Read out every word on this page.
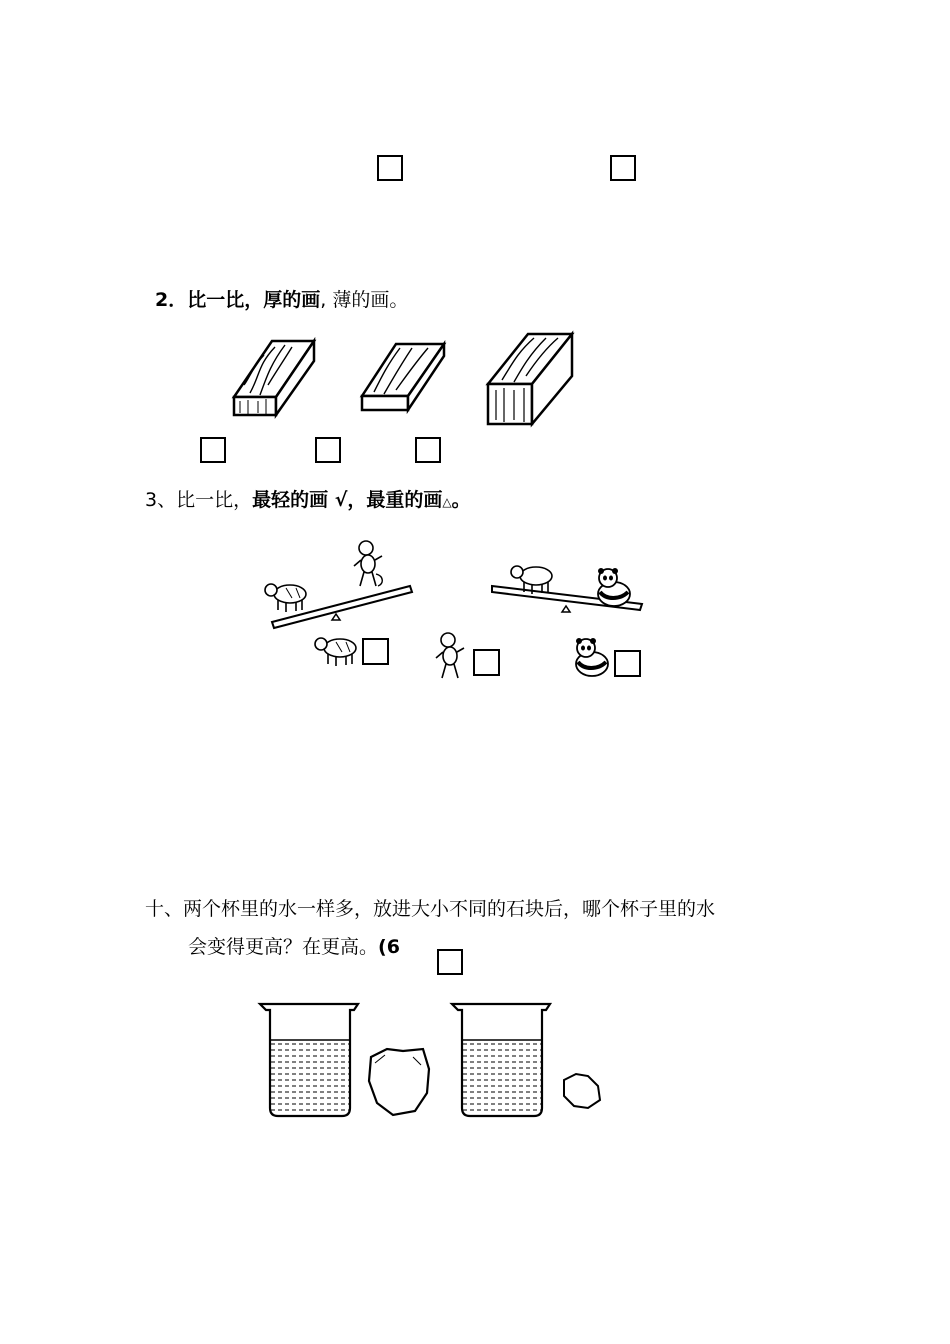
2．比一比，厚的画, 薄的画。
3、比一比，最轻的画 √，最重的画△。
十、两个杯里的水一样多，放进大小不同的石块后，哪个杯子里的水
会变得更高？在更高。(6
